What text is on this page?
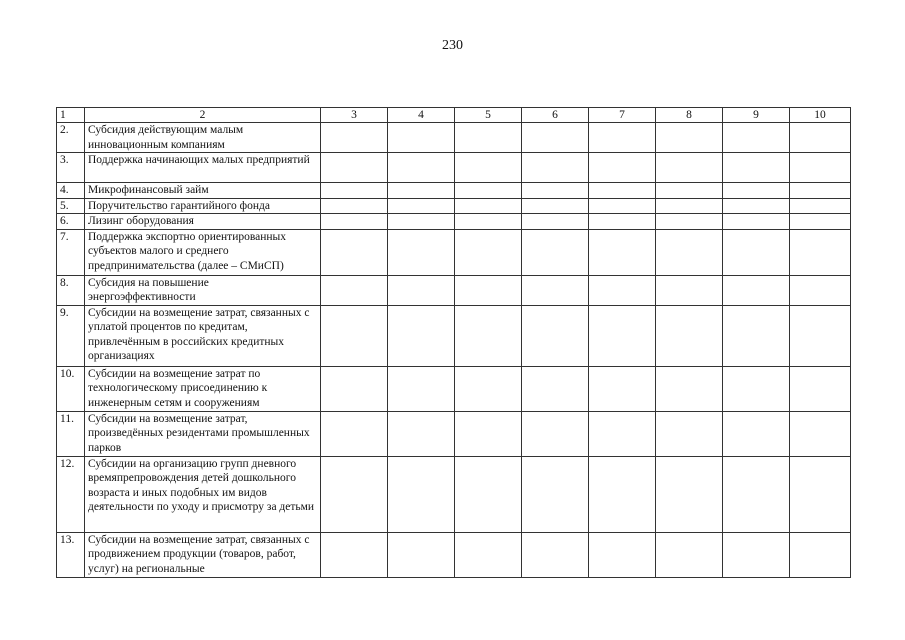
230
1	2	3	4	5	6	7	8	9	10
2.	Субсидия действующим малым инновационным компаниям								
3.	Поддержка начинающих малых предприятий								
4.	Микрофинансовый займ								
5.	Поручительство гарантийного фонда								
6.	Лизинг оборудования								
7.	Поддержка экспортно ориентированных субъектов малого и среднего предпринимательства (далее – СМиСП)								
8.	Субсидия на повышение энергоэффективности								
9.	Субсидии на возмещение затрат, связанных с уплатой процентов по кредитам, привлечённым в российских кредитных организациях								
10.	Субсидии на возмещение затрат по технологическому присоединению к инженерным сетям и сооружениям								
11.	Субсидии на возмещение затрат, произведённых резидентами промышленных парков								
12.	Субсидии на организацию групп дневного времяпрепровождения детей дошкольного возраста и иных подобных им видов деятельности по уходу и присмотру за детьми								
13.	Субсидии на возмещение затрат, связанных с продвижением продукции (товаров, работ, услуг) на региональные								
